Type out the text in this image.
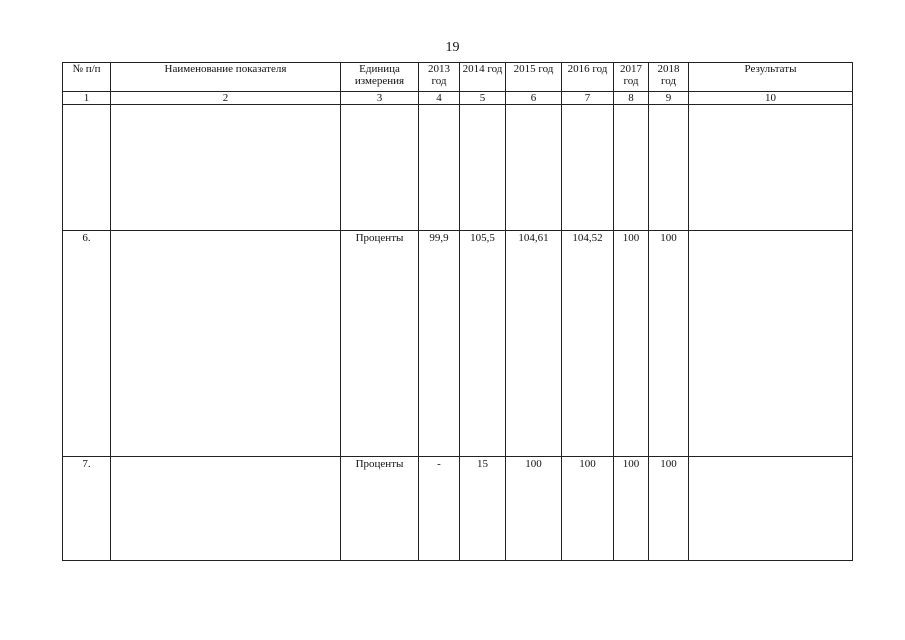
19
№ п/п	Наименование показателя	Единица измерения	2013 год	2014 год	2015 год	2016 год	2017 год	2018 год	Результаты
1	2	3	4	5	6	7	8	9	10

6.		Проценты	99,9	105,5	104,61	104,52	100	100	
7.		Проценты	-	15	100	100	100	100	
